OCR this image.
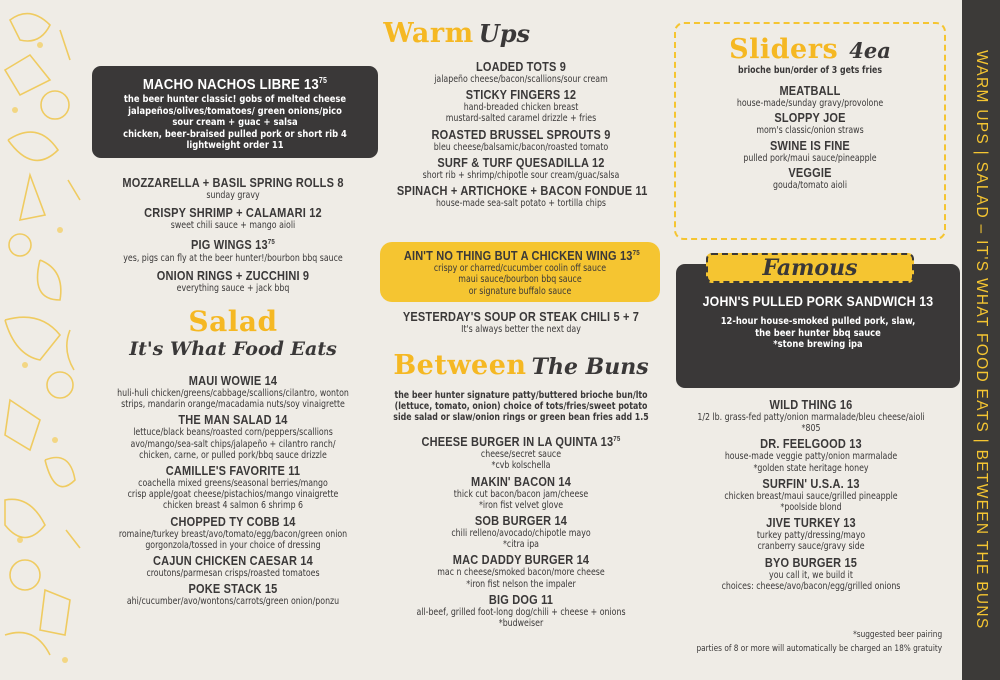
WARM UPS | SALAD – IT'S WHAT FOOD EATS | BETWEEN THE BUNS
MACHO NACHOS LIBRE $13^{75}$
the beer hunter classic! gobs of melted cheese
jalapeños/olives/tomatoes/ green onions/pico
sour cream + guac + salsa
chicken, beer-braised pulled pork or short rib 4
lightweight order 11
MOZZARELLA + BASIL SPRING ROLLS 8
sunday gravy
CRISPY SHRIMP + CALAMARI 12
sweet chili sauce + mango aioli
PIG WINGS $13^{75}$
yes, pigs can fly at the beer hunter!/bourbon bbq sauce
ONION RINGS + ZUCCHINI 9
everything sauce + jack bbq
Salad
It's What Food Eats
MAUI WOWIE 14
huli-huli chicken/greens/cabbage/scallions/cilantro, wonton
strips, mandarin orange/macadamia nuts/soy vinaigrette
THE MAN SALAD 14
lettuce/black beans/roasted corn/peppers/scallions
avo/mango/sea-salt chips/jalapeño + cilantro ranch/
chicken, carne, or pulled pork/bbq sauce drizzle
CAMILLE'S FAVORITE 11
coachella mixed greens/seasonal berries/mango
crisp apple/goat cheese/pistachios/mango vinaigrette
chicken breast 4 salmon 6 shrimp 6
CHOPPED TY COBB 14
romaine/turkey breast/avo/tomato/egg/bacon/green onion
gorgonzola/tossed in your choice of dressing
CAJUN CHICKEN CAESAR 14
croutons/parmesan crisps/roasted tomatoes
POKE STACK 15
ahi/cucumber/avo/wontons/carrots/green onion/ponzu
Warm Ups
LOADED TOTS 9
jalapeño cheese/bacon/scallions/sour cream
STICKY FINGERS 12
hand-breaded chicken breast
mustard-salted caramel drizzle + fries
ROASTED BRUSSEL SPROUTS 9
bleu cheese/balsamic/bacon/roasted tomato
SURF & TURF QUESADILLA 12
short rib + shrimp/chipotle sour cream/guac/salsa
SPINACH + ARTICHOKE + BACON FONDUE 11
house-made sea-salt potato + tortilla chips
AIN'T NO THING BUT A CHICKEN WING $13^{75}$
crispy or charred/cucumber coolin off sauce
maui sauce/bourbon bbq sauce
or signature buffalo sauce
YESTERDAY'S SOUP OR STEAK CHILI 5 + 7
It's always better the next day
Between The Buns
the beer hunter signature patty/buttered brioche bun/lto
(lettuce, tomato, onion) choice of tots/fries/sweet potato
side salad or slaw/onion rings or green bean fries add 1.5
CHEESE BURGER IN LA QUINTA $13^{75}$
cheese/secret sauce
*cvb kolschella
MAKIN' BACON 14
thick cut bacon/bacon jam/cheese
*iron fist velvet glove
SOB BURGER 14
chili relleno/avocado/chipotle mayo
*citra ipa
MAC DADDY BURGER 14
mac n cheese/smoked bacon/more cheese
*iron fist nelson the impaler
BIG DOG 11
all-beef, grilled foot-long dog/chili + cheese + onions
*budweiser
Sliders 4ea
brioche bun/order of 3 gets fries
MEATBALL
house-made/sunday gravy/provolone
SLOPPY JOE
mom's classic/onion straws
SWINE IS FINE
pulled pork/maui sauce/pineapple
VEGGIE
gouda/tomato aioli
JOHN'S PULLED PORK SANDWICH 13
12-hour house-smoked pulled pork, slaw,
the beer hunter bbq sauce
*stone brewing ipa
Famous
WILD THING 16
1/2 lb. grass-fed patty/onion marmalade/bleu cheese/aioli
*805
DR. FEELGOOD 13
house-made veggie patty/onion marmalade
*golden state heritage honey
SURFIN' U.S.A. 13
chicken breast/maui sauce/grilled pineapple
*poolside blond
JIVE TURKEY 13
turkey patty/dressing/mayo
cranberry sauce/gravy side
BYO BURGER 15
you call it, we build it
choices: cheese/avo/bacon/egg/grilled onions
*suggested beer pairing
parties of 8 or more will automatically be charged an 18% gratuity
